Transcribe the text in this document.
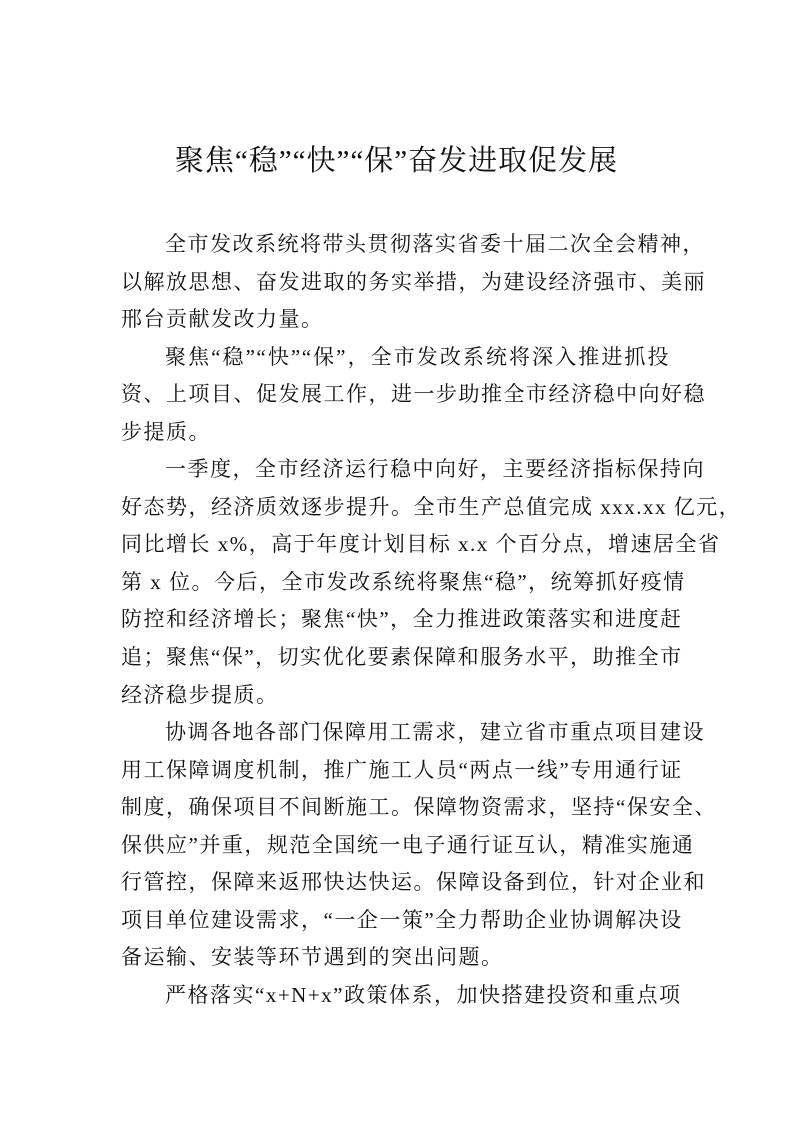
聚焦“稳”“快”“保”奋发进取促发展
全市发改系统将带头贯彻落实省委十届二次全会精神，
以解放思想、奋发进取的务实举措，为建设经济强市、美丽
邢台贡献发改力量。
聚焦“稳”“快”“保”，全市发改系统将深入推进抓投
资、上项目、促发展工作，进一步助推全市经济稳中向好稳
步提质。
一季度，全市经济运行稳中向好，主要经济指标保持向
好态势，经济质效逐步提升。全市生产总值完成 xxx.xx 亿元，
同比增长 x%，高于年度计划目标 x.x 个百分点，增速居全省
第 x 位。今后，全市发改系统将聚焦“稳”，统筹抓好疫情
防控和经济增长；聚焦“快”，全力推进政策落实和进度赶
追；聚焦“保”，切实优化要素保障和服务水平，助推全市
经济稳步提质。
协调各地各部门保障用工需求，建立省市重点项目建设
用工保障调度机制，推广施工人员“两点一线”专用通行证
制度，确保项目不间断施工。保障物资需求，坚持“保安全、
保供应”并重，规范全国统一电子通行证互认，精准实施通
行管控，保障来返邢快达快运。保障设备到位，针对企业和
项目单位建设需求，“一企一策”全力帮助企业协调解决设
备运输、安装等环节遇到的突出问题。
严格落实“x+N+x”政策体系，加快搭建投资和重点项
